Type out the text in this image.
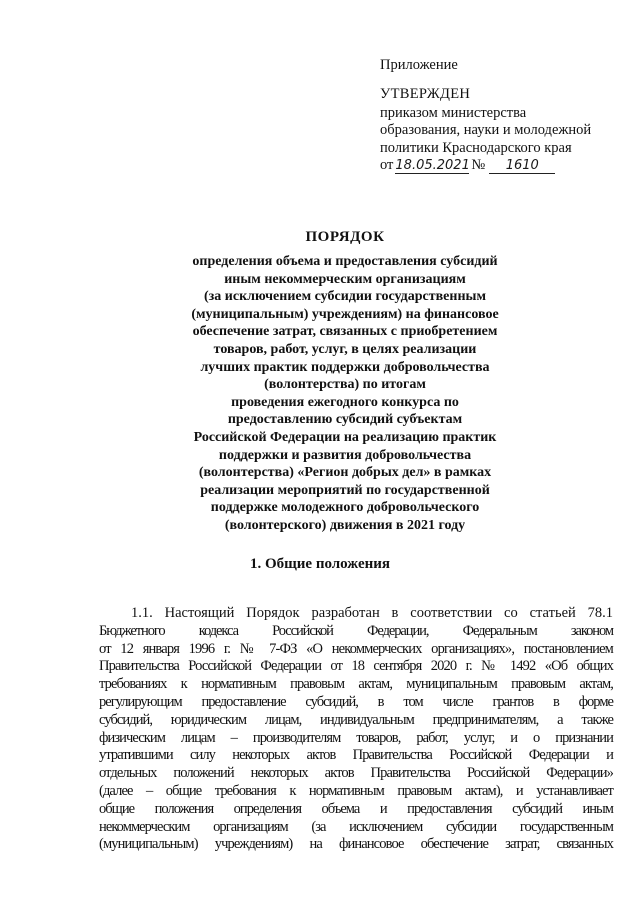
Приложение
УТВЕРЖДЕН
приказом министерства
образования, науки и молодежной
политики Краснодарского края
от 18.05.2021 №	1610
ПОРЯДОК
определения объема и предоставления субсидий
иным некоммерческим организациям
(за исключением субсидии государственным
(муниципальным) учреждениям) на финансовое
обеспечение затрат, связанных с приобретением
товаров, работ, услуг, в целях реализации
лучших практик поддержки добровольчества
(волонтерства) по итогам
проведения ежегодного конкурса по
предоставлению субсидий субъектам
Российской Федерации на реализацию практик
поддержки и развития добровольчества
(волонтерства) «Регион добрых дел» в рамках
реализации мероприятий по государственной
поддержке молодежного добровольческого
(волонтерского) движения в 2021 году
1. Общие положения
1.1. Настоящий Порядок разработан в соответствии со статьей 78.1
Бюджетного кодекса Российской Федерации, Федеральным законом
от 12 января 1996 г. № 7-ФЗ «О некоммерческих организациях», постановлением
Правительства Российской Федерации от 18 сентября 2020 г. № 1492 «Об общих
требованиях к нормативным правовым актам, муниципальным правовым актам,
регулирующим предоставление субсидий, в том числе грантов в форме
субсидий, юридическим лицам, индивидуальным предпринимателям, а также
физическим лицам – производителям товаров, работ, услуг, и о признании
утратившими силу некоторых актов Правительства Российской Федерации и
отдельных положений некоторых актов Правительства Российской Федерации»
(далее – общие требования к нормативным правовым актам), и устанавливает
общие положения определения объема и предоставления субсидий иным
некоммерческим организациям (за исключением субсидии государственным
(муниципальным) учреждениям) на финансовое обеспечение затрат, связанных
